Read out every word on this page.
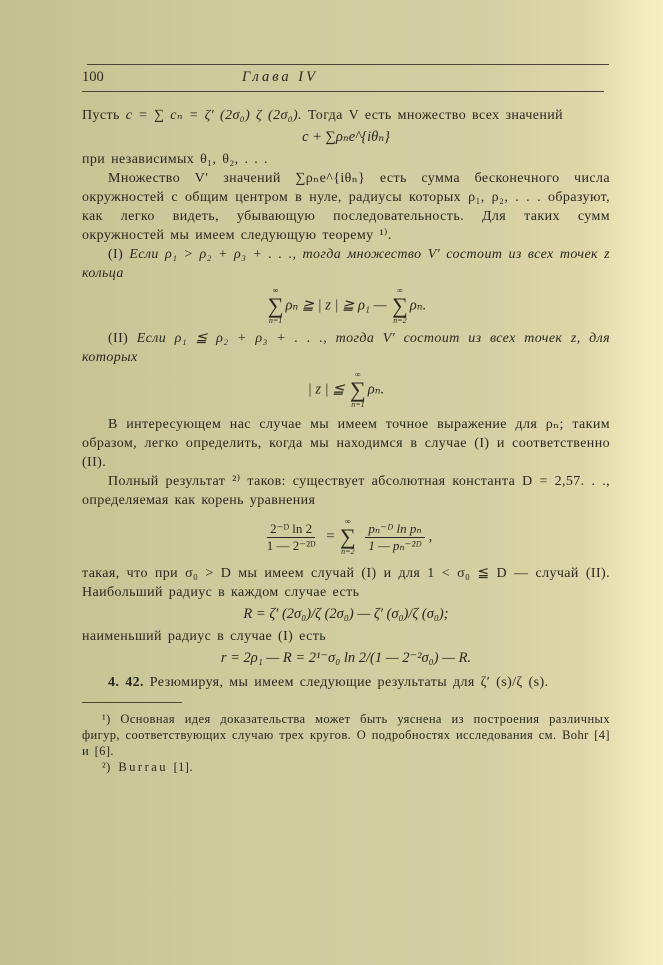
100	Глава IV

Пусть c = ∑ cₙ = ζ′ (2σ₀) ζ (2σ₀). Тогда V есть множество всех значений

c + ∑ρₙe^{iθₙ}

при независимых θ₁, θ₂, . . .

Множество V′ значений ∑ρₙe^{iθₙ} есть сумма бесконечного числа окружностей с общим центром в нуле, радиусы которых ρ₁, ρ₂, . . . образуют, как легко видеть, убывающую последовательность. Для таких сумм окружностей мы имеем следующую теорему ¹⁾.

(I) Если ρ₁ > ρ₂ + ρ₃ + . . ., тогда множество V′ состоит из всех точек z кольца

∞
∑
n=1
ρₙ ≧ | z | ≧ ρ₁ —
∞
∑
n=2
ρₙ.

(II) Если ρ₁ ≦ ρ₂ + ρ₃ + . . ., тогда V′ состоит из всех точек z, для которых

| z | ≦
∞
∑
n=1
ρₙ.

В интересующем нас случае мы имеем точное выражение для ρₙ; таким образом, легко определить, когда мы находимся в случае (I) и соответственно (II).

Полный результат ²⁾ таков: существует абсолютная константа D = 2,57. . ., определяемая как корень уравнения

$\frac{\text{2⁻ᴰ ln 2}}{\text{1 — 2⁻²ᴰ}}$ =
∞
∑
n=2
$\frac{\text{pₙ⁻ᴰ ln pₙ}}{\text{1 — pₙ⁻²ᴰ}}$ ,

такая, что при σ₀ > D мы имеем случай (I) и для 1 < σ₀ ≦ D — случай (II). Наибольший радиус в каждом случае есть

R = ζ′ (2σ₀)/ζ (2σ₀) — ζ′ (σ₀)/ζ (σ₀);

наименьший радиус в случае (I) есть

r = 2ρ₁ — R = 2¹⁻σ₀ ln 2/(1 — 2⁻²σ₀) — R.

4. 42. Резюмируя, мы имеем следующие результаты для ζ′ (s)/ζ (s).

¹) Основная идея доказательства может быть уяснена из построения различных фигур, соответствующих случаю трех кругов. О подробностях исследования см. Bohr [4] и [6].

²) Burrau [1].
